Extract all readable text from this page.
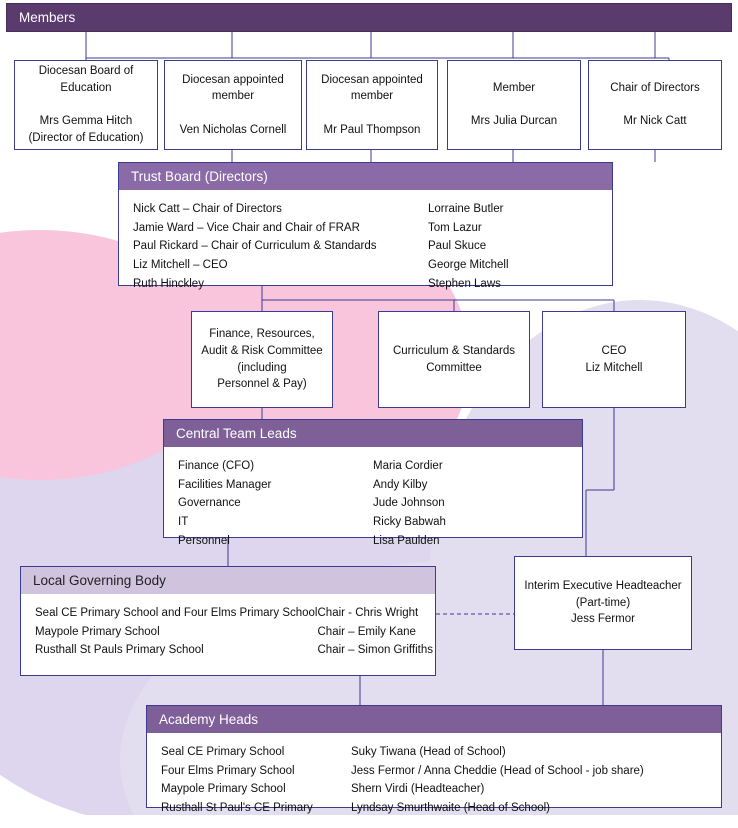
Members
Diocesan Board of
Education

Mrs Gemma Hitch
(Director of Education)
Diocesan appointed
member

Ven Nicholas Cornell
Diocesan appointed
member

Mr Paul Thompson
Member

Mrs Julia Durcan
Chair of Directors

Mr Nick Catt
Trust Board (Directors)
Nick Catt – Chair of Directors
Jamie Ward – Vice Chair and Chair of FRAR
Paul Rickard – Chair of Curriculum & Standards
Liz Mitchell – CEO
Ruth Hinckley
Lorraine Butler
Tom Lazur
Paul Skuce
George Mitchell
Stephen Laws
Finance, Resources,
Audit & Risk Committee
(including
Personnel & Pay)
Curriculum & Standards
Committee
CEO
Liz Mitchell
Central Team Leads
Finance (CFO)
Facilities Manager
Governance
IT
Personnel
Maria Cordier
Andy Kilby
Jude Johnson
Ricky Babwah
Lisa Paulden
Local Governing Body
Seal CE Primary School and Four Elms Primary School
Maypole Primary School
Rusthall St Pauls Primary School
Chair - Chris Wright
Chair – Emily Kane
Chair – Simon Griffiths
Interim Executive Headteacher
(Part-time)
Jess Fermor
Academy Heads
Seal CE Primary School
Four Elms Primary School
Maypole Primary School
Rusthall St Paul's CE Primary
Suky Tiwana (Head of School)
Jess Fermor / Anna Cheddie (Head of School - job share)
Shern Virdi (Headteacher)
Lyndsay Smurthwaite (Head of School)
